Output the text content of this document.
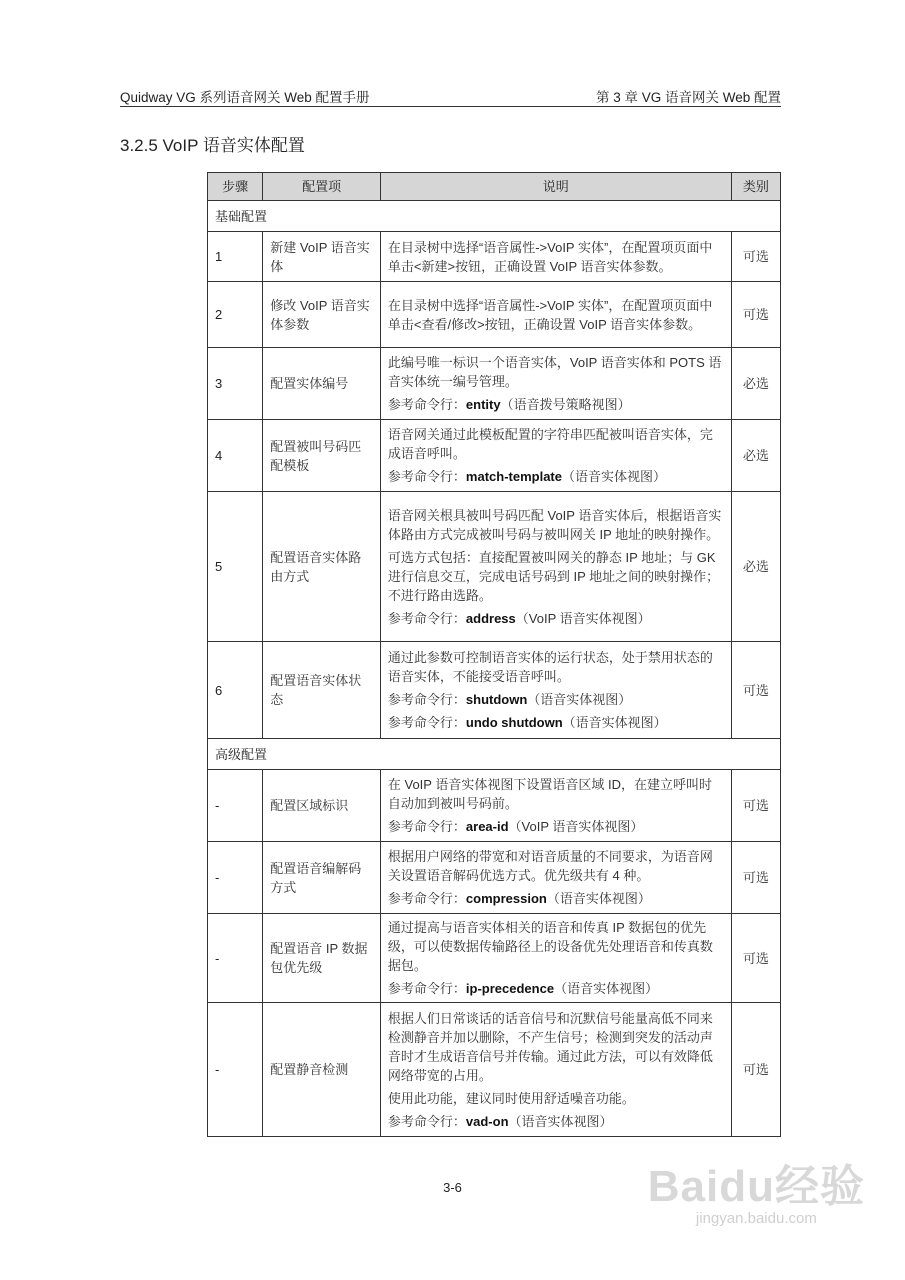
Quidway VG 系列语音网关 Web 配置手册	第 3 章 VG 语音网关 Web 配置
3.2.5 VoIP 语音实体配置
步骤	配置项	说明	类别
基础配置			
1	新建 VoIP 语音实体	在目录树中选择“语音属性->VoIP 实体”，在配置项页面中单击<新建>按钮，正确设置 VoIP 语音实体参数。	可选
2	修改 VoIP 语音实体参数	在目录树中选择“语音属性->VoIP 实体”，在配置项页面中单击<查看/修改>按钮，正确设置 VoIP 语音实体参数。	可选
3	配置实体编号	此编号唯一标识一个语音实体，VoIP 语音实体和 POTS 语音实体统一编号管理。

参考命令行：entity（语音拨号策略视图）	必选
4	配置被叫号码匹配模板	语音网关通过此模板配置的字符串匹配被叫语音实体，完成语音呼叫。

参考命令行：match-template（语音实体视图）	必选
5	配置语音实体路由方式	语音网关根具被叫号码匹配 VoIP 语音实体后，根据语音实体路由方式完成被叫号码与被叫网关 IP 地址的映射操作。

可选方式包括：直接配置被叫网关的静态 IP 地址；与 GK 进行信息交互，完成电话号码到 IP 地址之间的映射操作；不进行路由选路。

参考命令行：address（VoIP 语音实体视图）	必选
6	配置语音实体状态	通过此参数可控制语音实体的运行状态，处于禁用状态的语音实体，不能接受语音呼叫。

参考命令行：shutdown（语音实体视图）

参考命令行：undo shutdown（语音实体视图）	可选
高级配置			
-	配置区域标识	在 VoIP 语音实体视图下设置语音区域 ID，在建立呼叫时自动加到被叫号码前。

参考命令行：area-id（VoIP 语音实体视图）	可选
-	配置语音编解码方式	根据用户网络的带宽和对语音质量的不同要求，为语音网关设置语音解码优选方式。优先级共有 4 种。

参考命令行：compression（语音实体视图）	可选
-	配置语音 IP 数据包优先级	通过提高与语音实体相关的语音和传真 IP 数据包的优先级，可以使数据传输路径上的设备优先处理语音和传真数据包。

参考命令行：ip-precedence（语音实体视图）	可选
-	配置静音检测	根据人们日常谈话的话音信号和沉默信号能量高低不同来检测静音并加以删除，不产生信号；检测到突发的活动声音时才生成语音信号并传输。通过此方法，可以有效降低网络带宽的占用。

使用此功能，建议同时使用舒适噪音功能。

参考命令行：vad-on（语音实体视图）	可选
3-6	Baidu经验
jingyan.baidu.com
